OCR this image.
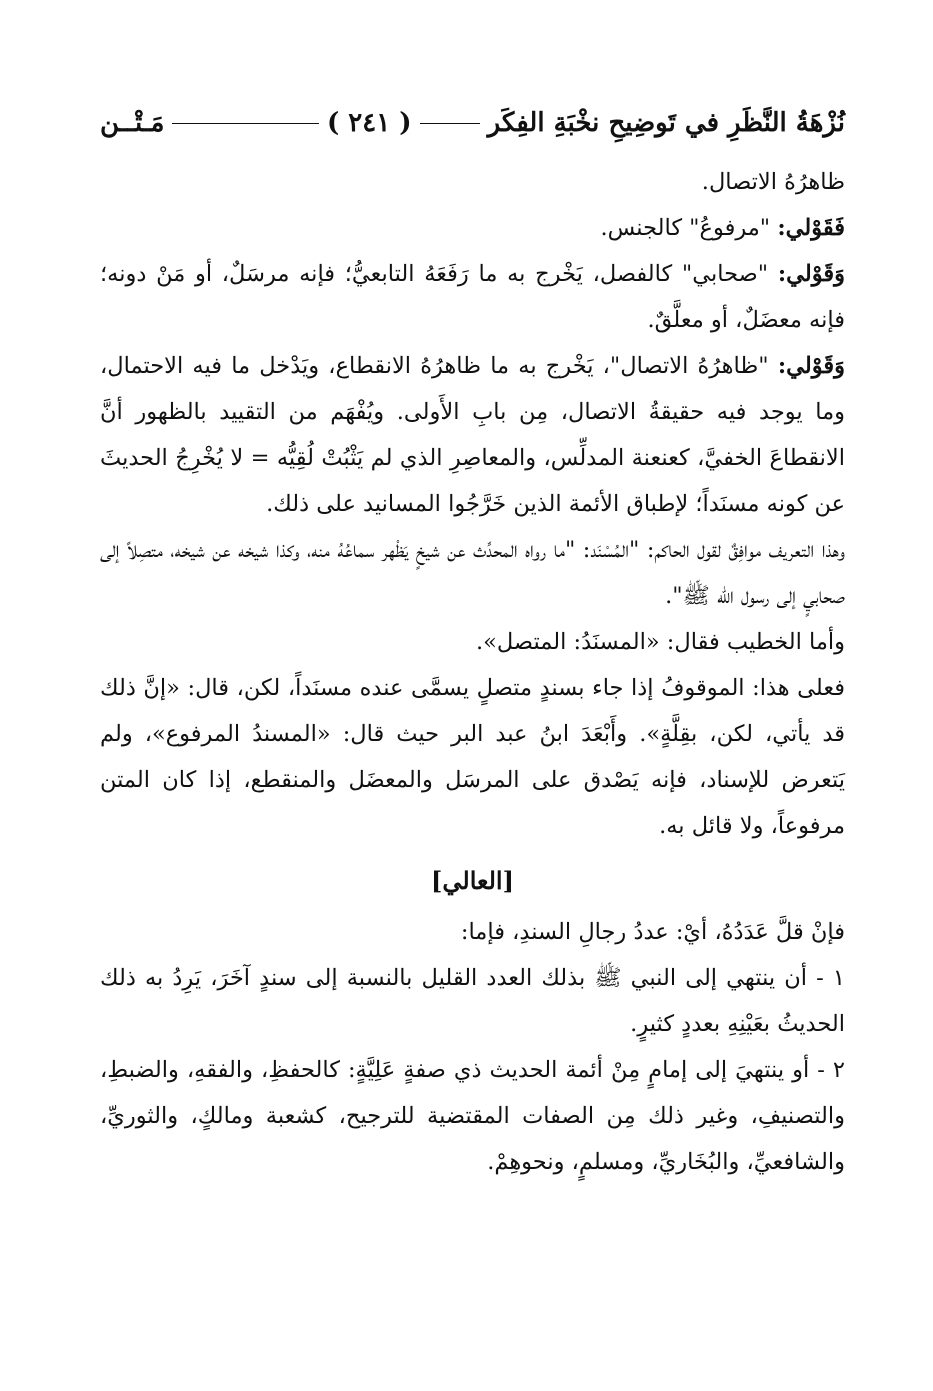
نُزْهَةُ النَّظَرِ في تَوضِيحِ نخْبَةِ الفِكَر
( ٢٤١ )
مَـتْــن

ظاهرُهُ الاتصال.

فَقَوْلي: "مرفوعُ" كالجنس.

وَقَوْلي: "صحابي" كالفصل، يَخْرج به ما رَفَعَهُ التابعيُّ؛ فإنه مرسَلٌ، أو مَنْ دونه؛ فإنه معضَلٌ، أو معلَّقٌ.

وَقَوْلي: "ظاهرُهُ الاتصال"، يَخْرج به ما ظاهرُهُ الانقطاع، ويَدْخل ما فيه الاحتمال، وما يوجد فيه حقيقةُ الاتصال، مِن بابِ الأَولى. ويُفْهَم من التقييد بالظهور أنَّ الانقطاعَ الخفيَّ، كعنعنة المدلِّس، والمعاصِرِ الذي لم يَثْبُتْ لُقِيُّه = لا يُخْرِجُ الحديثَ عن كونه مسنَداً؛ لإطباق الأئمة الذين خَرَّجُوا المسانيد على ذلك.

وهذا التعريف موافِقٌ لقول الحاكم: "المُسْنَد: "ما رواه المحدِّث عن شيخٍ يَظْهر سماعُهُ منه، وكذا شيخه عن شيخه، متصِلاً إلى صحابيٍ إلى رسول الله ﷺ".

وأما الخطيب فقال: «المسنَدُ: المتصل».

فعلى هذا: الموقوفُ إذا جاء بسندٍ متصلٍ يسمَّى عنده مسنَداً، لكن، قال: «إنَّ ذلك قد يأتي، لكن، بقِلَّةٍ». وأَبْعَدَ ابنُ عبد البر حيث قال: «المسندُ المرفوع»، ولم يَتعرض للإسناد، فإنه يَصْدق على المرسَل والمعضَل والمنقطع، إذا كان المتن مرفوعاً، ولا قائل به.

[العالي]

فإنْ قلَّ عَدَدُهُ، أيْ: عددُ رجالِ السندِ، فإما:

١ - أن ينتهي إلى النبي ﷺ بذلك العدد القليل بالنسبة إلى سندٍ آخَرَ، يَرِدُ به ذلك الحديثُ بعَيْنِهِ بعددٍ كثيرٍ.

٢ - أو ينتهيَ إلى إمامٍ مِنْ أئمة الحديث ذي صفةٍ عَلِيَّةٍ: كالحفظِ، والفقهِ، والضبطِ، والتصنيفِ، وغير ذلك مِن الصفات المقتضية للترجيح، كشعبة ومالكٍ، والثوريِّ، والشافعيِّ، والبُخَاريِّ، ومسلمٍ، ونحوهِمْ.
